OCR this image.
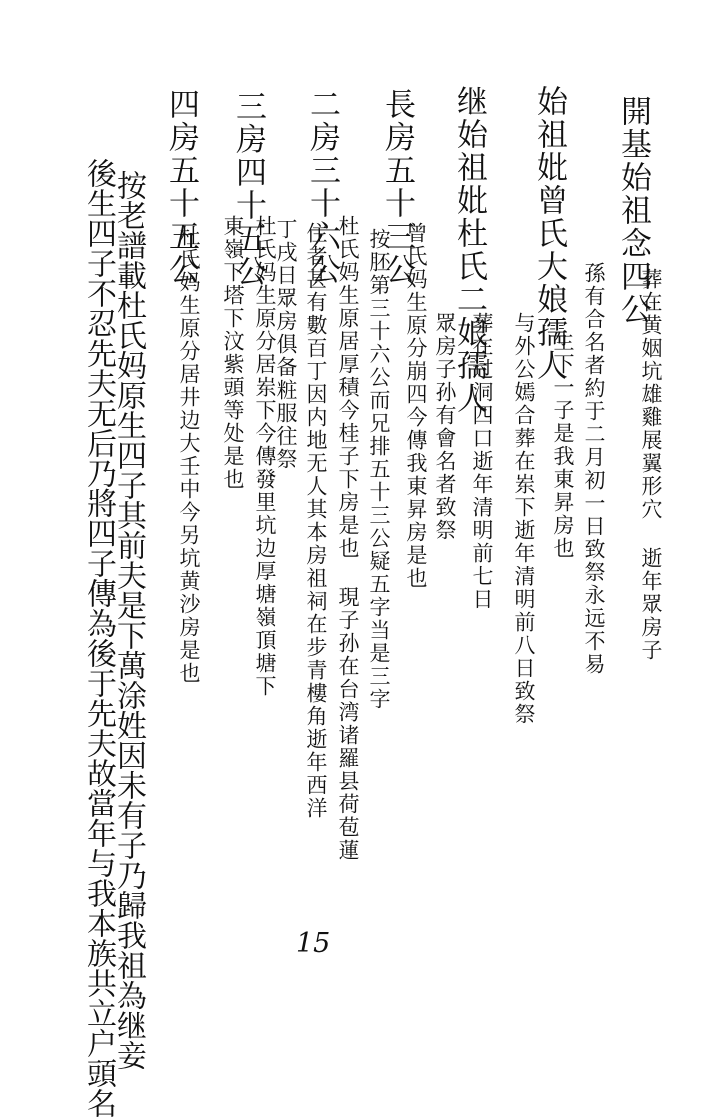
開基始祖念四公
葬在黄姻坑雄雞展翼形穴 逝年眾房子
孫有合名者約于二月初一日致祭永远不易
始祖妣曾氏大娘孺人
生下一子是我東昇房也
与外公嫣合葬在岽下逝年清明前八日致祭
继始祖妣杜氏二娘孺人
葬在过洞四口逝年清明前七日
眾房子孙有會名者致祭
長房五十三公
曾氏妈生原分崩四今傳我東昇房是也
按胚第三十六公而兄排五十三公疑五字当是三字
二房三十六公
杜氏妈生原居厚積今桂子下房是也 現子孙在台湾诸羅县荷苞蓮
住者甚有數百丁因内地无人其本房祖祠在步青樓角逝年西洋
丁戌日眾房俱备粧服往祭
三房四十五公
杜氏妈生原分居岽下今傳發里坑边厚塘嶺頂塘下
東嶺下塔下汶紫頭等处是也
四房五十五公
杜氏妈生原分居井边大壬中今另坑黄沙房是也
按老譜載杜氏妈原生四子其前夫是下萬涂姓因未有子乃歸我祖為继妾
後生四子不忍先夫无后乃將四子傳為後于先夫故當年与我本族共立户頭名	15
